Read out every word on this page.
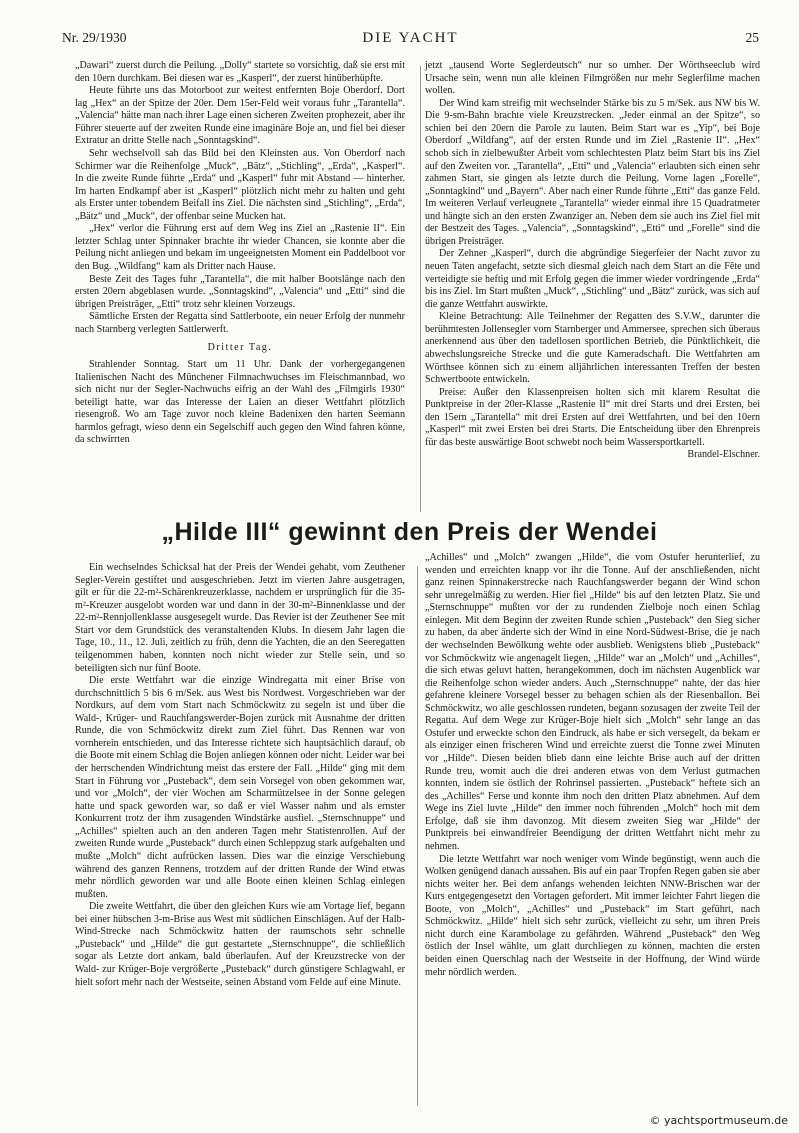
Nr. 29/1930	DIE YACHT	25

„Dawari“ zuerst durch die Peilung. „Dolly“ startete so vorsichtig, daß sie erst mit den 10ern durchkam. Bei diesen war es „Kasperl“, der zuerst hinüberhüpfte.

Heute führte uns das Motorboot zur weitest entfernten Boje Oberdorf. Dort lag „Hex“ an der Spitze der 20er. Dem 15er-Feld weit voraus fuhr „Tarantella“. „Valencia“ hätte man nach ihrer Lage einen sicheren Zweiten prophezeit, aber ihr Führer steuerte auf der zweiten Runde eine imaginäre Boje an, und fiel bei dieser Extratur an dritte Stelle nach „Sonntagskind“.

Sehr wechselvoll sah das Bild bei den Kleinsten aus. Von Oberdorf nach Schirmer war die Reihenfolge „Muck“, „Bätz“, „Stichling“, „Erda“, „Kasperl“. In die zweite Runde führte „Erda“ und „Kasperl“ fuhr mit Abstand — hinterher. Im harten Endkampf aber ist „Kasperl“ plötzlich nicht mehr zu halten und geht als Erster unter tobendem Beifall ins Ziel. Die nächsten sind „Stichling“, „Erda“, „Bätz“ und „Muck“, der offenbar seine Mucken hat.

„Hex“ verlor die Führung erst auf dem Weg ins Ziel an „Rastenie II“. Ein letzter Schlag unter Spinnaker brachte ihr wieder Chancen, sie konnte aber die Peilung nicht anliegen und bekam im ungeeignetsten Moment ein Paddelboot vor den Bug. „Wildfang“ kam als Dritter nach Hause.

Beste Zeit des Tages fuhr „Tarantella“, die mit halber Bootslänge nach den ersten 20ern abgeblasen wurde. „Sonntagskind“, „Valencia“ und „Etti“ sind die übrigen Preisträger, „Etti“ trotz sehr kleinen Vorzeugs.

Sämtliche Ersten der Regatta sind Sattlerboote, ein neuer Erfolg der nunmehr nach Starnberg verlegten Sattlerwerft.

Dritter Tag.

Strahlender Sonntag. Start um 11 Uhr. Dank der vorhergegangenen Italienischen Nacht des Münchener Filmnachwuchses im Fleischmannbad, wo sich nicht nur der Segler-Nachwuchs eifrig an der Wahl des „Filmgirls 1930“ beteiligt hatte, war das Interesse der Laien an dieser Wettfahrt plötzlich riesengroß. Wo am Tage zuvor noch kleine Badenixen den harten Seemann harmlos gefragt, wieso denn ein Segelschiff auch gegen den Wind fahren könne, da schwirrten

jetzt „tausend Worte Seglerdeutsch“ nur so umher. Der Wörthseeclub wird Ursache sein, wenn nun alle kleinen Filmgrößen nur mehr Seglerfilme machen wollen.

Der Wind kam streifig mit wechselnder Stärke bis zu 5 m/Sek. aus NW bis W. Die 9-sm-Bahn brachte viele Kreuzstrecken. „Jeder einmal an der Spitze“, so schien bei den 20ern die Parole zu lauten. Beim Start war es „Yip“, bei Boje Oberdorf „Wildfang“, auf der ersten Runde und im Ziel „Rastenie II“. „Hex“ schob sich in zielbewußter Arbeit vom schlechtesten Platz beim Start bis ins Ziel auf den Zweiten vor. „Tarantella“, „Etti“ und „Valencia“ erlaubten sich einen sehr zahmen Start, sie gingen als letzte durch die Peilung. Vorne lagen „Forelle“, „Sonntagkind“ und „Bayern“. Aber nach einer Runde führte „Etti“ das ganze Feld. Im weiteren Verlauf verleugnete „Tarantella“ wieder einmal ihre 15 Quadratmeter und hängte sich an den ersten Zwanziger an. Neben dem sie auch ins Ziel fiel mit der Bestzeit des Tages. „Valencia“, „Sonntagskind“, „Etti“ und „Forelle“ sind die übrigen Preisträger.

Der Zehner „Kasperl“, durch die abgründige Siegerfeier der Nacht zuvor zu neuen Taten angefacht, setzte sich diesmal gleich nach dem Start an die Fête und verteidigte sie heftig und mit Erfolg gegen die immer wieder vordringende „Erda“ bis ins Ziel. Im Start mußten „Muck“, „Stichling“ und „Bätz“ zurück, was sich auf die ganze Wettfahrt auswirkte.

Kleine Betrachtung: Alle Teilnehmer der Regatten des S.V.W., darunter die berühmtesten Jollensegler vom Starnberger und Ammersee, sprechen sich überaus anerkennend aus über den tadellosen sportlichen Betrieb, die Pünktlichkeit, die abwechslungsreiche Strecke und die gute Kameradschaft. Die Wettfahrten am Wörthsee können sich zu einem alljährlichen interessanten Treffen der besten Schwertboote entwickeln.

Preise: Außer den Klassenpreisen holten sich mit klarem Resultat die Punktpreise in der 20er-Klasse „Rastenie II“ mit drei Starts und drei Ersten, bei den 15ern „Tarantella“ mit drei Ersten auf drei Wettfahrten, und bei den 10ern „Kasperl“ mit zwei Ersten bei drei Starts. Die Entscheidung über den Ehrenpreis für das beste auswärtige Boot schwebt noch beim Wassersportkartell.

Brandel-Elschner.

„Hilde III“ gewinnt den Preis der Wendei

Ein wechselndes Schicksal hat der Preis der Wendei gehabt, vom Zeuthener Segler-Verein gestiftet und ausgeschrieben. Jetzt im vierten Jahre ausgetragen, gilt er für die 22-m²-Schärenkreuzerklasse, nachdem er ursprünglich für die 35-m²-Kreuzer ausgelobt worden war und dann in der 30-m²-Binnenklasse und der 22-m²-Rennjollenklasse ausgesegelt wurde. Das Revier ist der Zeuthener See mit Start vor dem Grundstück des veranstaltenden Klubs. In diesem Jahr lagen die Tage, 10., 11., 12. Juli, zeitlich zu früh, denn die Yachten, die an den Seeregatten teilgenommen haben, konnten noch nicht wieder zur Stelle sein, und so beteiligten sich nur fünf Boote.

Die erste Wettfahrt war die einzige Windregatta mit einer Brise von durchschnittlich 5 bis 6 m/Sek. aus West bis Nordwest. Vorgeschrieben war der Nordkurs, auf dem vom Start nach Schmöckwitz zu segeln ist und über die Wald-, Krüger- und Rauchfangswerder-Bojen zurück mit Ausnahme der dritten Runde, die von Schmöckwitz direkt zum Ziel führt. Das Rennen war von vornherein entschieden, und das Interesse richtete sich hauptsächlich darauf, ob die Boote mit einem Schlag die Bojen anliegen können oder nicht. Leider war bei der herrschenden Windrichtung meist das erstere der Fall. „Hilde“ ging mit dem Start in Führung vor „Pusteback“, dem sein Vorsegel von oben gekommen war, und vor „Molch“, der vier Wochen am Scharmützelsee in der Sonne gelegen hatte und spack geworden war, so daß er viel Wasser nahm und als ernster Konkurrent trotz der ihm zusagenden Windstärke ausfiel. „Sternschnuppe“ und „Achilles“ spielten auch an den anderen Tagen mehr Statistenrollen. Auf der zweiten Runde wurde „Pusteback“ durch einen Schleppzug stark aufgehalten und mußte „Molch“ dicht aufrücken lassen. Dies war die einzige Verschiebung während des ganzen Rennens, trotzdem auf der dritten Runde der Wind etwas mehr nördlich geworden war und alle Boote einen kleinen Schlag einlegen mußten.

Die zweite Wettfahrt, die über den gleichen Kurs wie am Vortage lief, begann bei einer hübschen 3-m-Brise aus West mit südlichen Einschlägen. Auf der Halb-Wind-Strecke nach Schmöckwitz hatten der raumschots sehr schnelle „Pusteback“ und „Hilde“ die gut gestartete „Sternschnuppe“, die schließlich sogar als Letzte dort ankam, bald überlaufen. Auf der Kreuzstrecke von der Wald- zur Krüger-Boje vergrößerte „Pusteback“ durch günstigere Schlagwahl, er hielt sofort mehr nach der Westseite, seinen Abstand vom Felde auf eine Minute.

„Achilles“ und „Molch“ zwangen „Hilde“, die vom Ostufer herunterlief, zu wenden und erreichten knapp vor ihr die Tonne. Auf der anschließenden, nicht ganz reinen Spinnakerstrecke nach Rauchfangswerder begann der Wind schon sehr unregelmäßig zu werden. Hier fiel „Hilde“ bis auf den letzten Platz. Sie und „Sternschnuppe“ mußten vor der zu rundenden Zielboje noch einen Schlag einlegen. Mit dem Beginn der zweiten Runde schien „Pusteback“ den Sieg sicher zu haben, da aber änderte sich der Wind in eine Nord-Südwest-Brise, die je nach der wechselnden Bewölkung wehte oder ausblieb. Wenigstens blieb „Pusteback“ vor Schmöckwitz wie angenagelt liegen, „Hilde“ war an „Molch“ und „Achilles“, die sich etwas geluvt hatten, herangekommen, doch im nächsten Augenblick war die Reihenfolge schon wieder anders. Auch „Sternschnuppe“ nahte, der das hier gefahrene kleinere Vorsegel besser zu behagen schien als der Riesenballon. Bei Schmöckwitz, wo alle geschlossen rundeten, begann sozusagen der zweite Teil der Regatta. Auf dem Wege zur Krüger-Boje hielt sich „Molch“ sehr lange an das Ostufer und erweckte schon den Eindruck, als habe er sich versegelt, da bekam er als einziger einen frischeren Wind und erreichte zuerst die Tonne zwei Minuten vor „Hilde“. Diesen beiden blieb dann eine leichte Brise auch auf der dritten Runde treu, womit auch die drei anderen etwas von dem Verlust gutmachen konnten, indem sie östlich der Rohrinsel passierten. „Pusteback“ heftete sich an des „Achilles“ Ferse und konnte ihm noch den dritten Platz abnehmen. Auf dem Wege ins Ziel luvte „Hilde“ den immer noch führenden „Molch“ hoch mit dem Erfolge, daß sie ihm davonzog. Mit diesem zweiten Sieg war „Hilde“ der Punktpreis bei einwandfreier Beendigung der dritten Wettfahrt nicht mehr zu nehmen.

Die letzte Wettfahrt war noch weniger vom Winde begünstigt, wenn auch die Wolken genügend danach aussahen. Bis auf ein paar Tropfen Regen gaben sie aber nichts weiter her. Bei dem anfangs wehenden leichten NNW-Brischen war der Kurs entgegengesetzt den Vortagen gefordert. Mit immer leichter Fahrt liegen die Boote, von „Molch“, „Achilles“ und „Pusteback“ im Start geführt, nach Schmöckwitz. „Hilde“ hielt sich sehr zurück, vielleicht zu sehr, um ihren Preis nicht durch eine Karambolage zu gefährden. Während „Pusteback“ den Weg östlich der Insel wählte, um glatt durchliegen zu können, machten die ersten beiden einen Querschlag nach der Westseite in der Hoffnung, der Wind würde mehr nördlich werden.

© yachtsportmuseum.de
